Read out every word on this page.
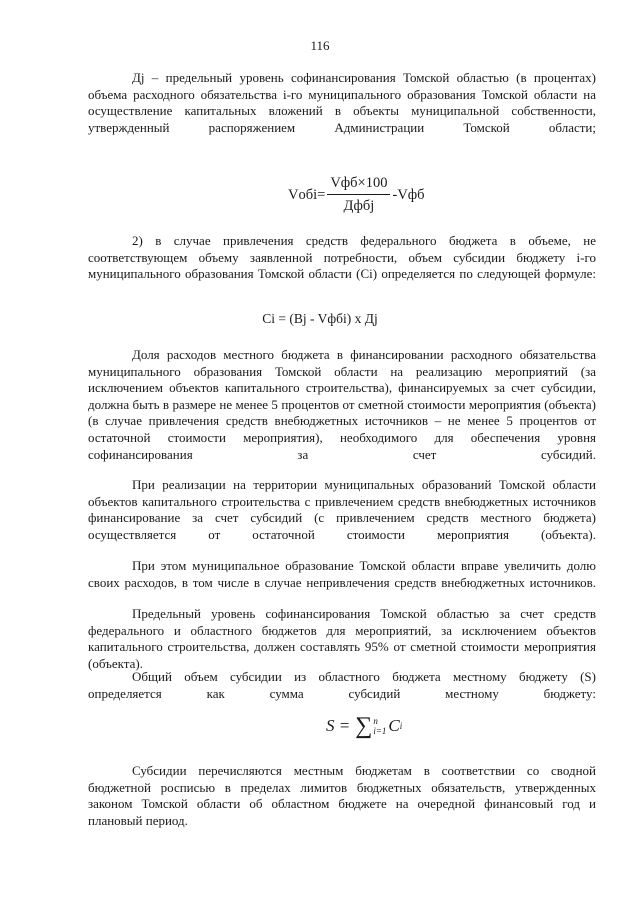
116

Дj – предельный уровень софинансирования Томской областью (в процентах) объема расходного обязательства i-го муниципального образования Томской области на осуществление капитальных вложений в объекты муниципальной собственности, утвержденный распоряжением Администрации Томской области;

Vобi= $\frac{\text{Vфб×100}}{\text{Дфбj}} -Vфб$

2) в случае привлечения средств федерального бюджета в объеме, не соответствующем объему заявленной потребности, объем субсидии бюджету i-го муниципального образования Томской области (Сi) определяется по следующей формуле:

Сi = (Вj - Vфбi) х Дj

Доля расходов местного бюджета в финансировании расходного обязательства муниципального образования Томской области на реализацию мероприятий (за исключением объектов капитального строительства), финансируемых за счет субсидии, должна быть в размере не менее 5 процентов от сметной стоимости мероприятия (объекта) (в случае привлечения средств внебюджетных источников – не менее 5 процентов от остаточной стоимости мероприятия), необходимого для обеспечения уровня софинансирования за счет субсидий.

При реализации на территории муниципальных образований Томской области объектов капитального строительства с привлечением средств внебюджетных источников финансирование за счет субсидий (с привлечением средств местного бюджета) осуществляется от остаточной стоимости мероприятия (объекта).

При этом муниципальное образование Томской области вправе увеличить долю своих расходов, в том числе в случае непривлечения средств внебюджетных источников.

Предельный уровень софинансирования Томской областью за счет средств федерального и областного бюджетов для мероприятий, за исключением объектов капитального строительства, должен составлять 95% от сметной стоимости мероприятия (объекта).

Общий объем субсидии из областного бюджета местному бюджету (S) определяется как сумма субсидий местному бюджету:

S = ∑ n
i=1 C i

Субсидии перечисляются местным бюджетам в соответствии со сводной бюджетной росписью в пределах лимитов бюджетных обязательств, утвержденных законом Томской области об областном бюджете на очередной финансовый год и плановый период.
